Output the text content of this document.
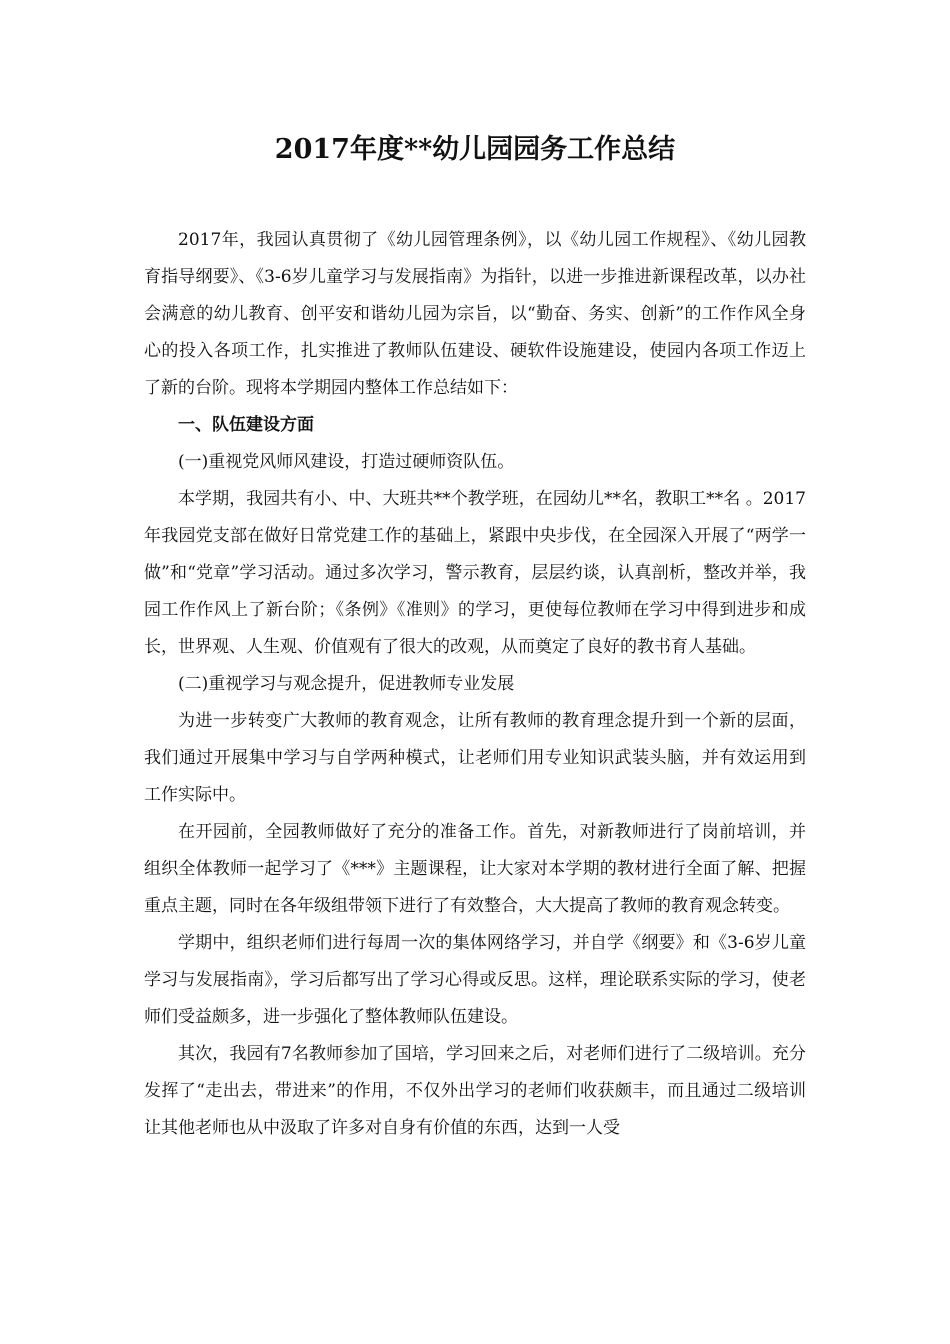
2017年度**幼儿园园务工作总结

2017年，我园认真贯彻了《幼儿园管理条例》，以《幼儿园工作规程》、《幼儿园教育指导纲要》、《3-6岁儿童学习与发展指南》为指针，以进一步推进新课程改革，以办社会满意的幼儿教育、创平安和谐幼儿园为宗旨，以“勤奋、务实、创新”的工作作风全身心的投入各项工作，扎实推进了教师队伍建设、硬软件设施建设，使园内各项工作迈上了新的台阶。现将本学期园内整体工作总结如下：

一、队伍建设方面

(一)重视党风师风建设，打造过硬师资队伍。

本学期，我园共有小、中、大班共**个教学班，在园幼儿**名，教职工**名 。2017年我园党支部在做好日常党建工作的基础上，紧跟中央步伐，在全园深入开展了“两学一做”和“党章”学习活动。通过多次学习，警示教育，层层约谈，认真剖析，整改并举，我园工作作风上了新台阶；《条例》《准则》的学习，更使每位教师在学习中得到进步和成长，世界观、人生观、价值观有了很大的改观，从而奠定了良好的教书育人基础。

(二)重视学习与观念提升，促进教师专业发展

为进一步转变广大教师的教育观念，让所有教师的教育理念提升到一个新的层面，我们通过开展集中学习与自学两种模式，让老师们用专业知识武装头脑，并有效运用到工作实际中。

在开园前，全园教师做好了充分的准备工作。首先，对新教师进行了岗前培训，并组织全体教师一起学习了《***》主题课程，让大家对本学期的教材进行全面了解、把握重点主题，同时在各年级组带领下进行了有效整合，大大提高了教师的教育观念转变。

学期中，组织老师们进行每周一次的集体网络学习，并自学《纲要》和《3-6岁儿童学习与发展指南》，学习后都写出了学习心得或反思。这样，理论联系实际的学习，使老师们受益颇多，进一步强化了整体教师队伍建设。

其次，我园有7名教师参加了国培，学习回来之后，对老师们进行了二级培训。充分发挥了“走出去，带进来”的作用，不仅外出学习的老师们收获颇丰，而且通过二级培训让其他老师也从中汲取了许多对自身有价值的东西，达到一人受
